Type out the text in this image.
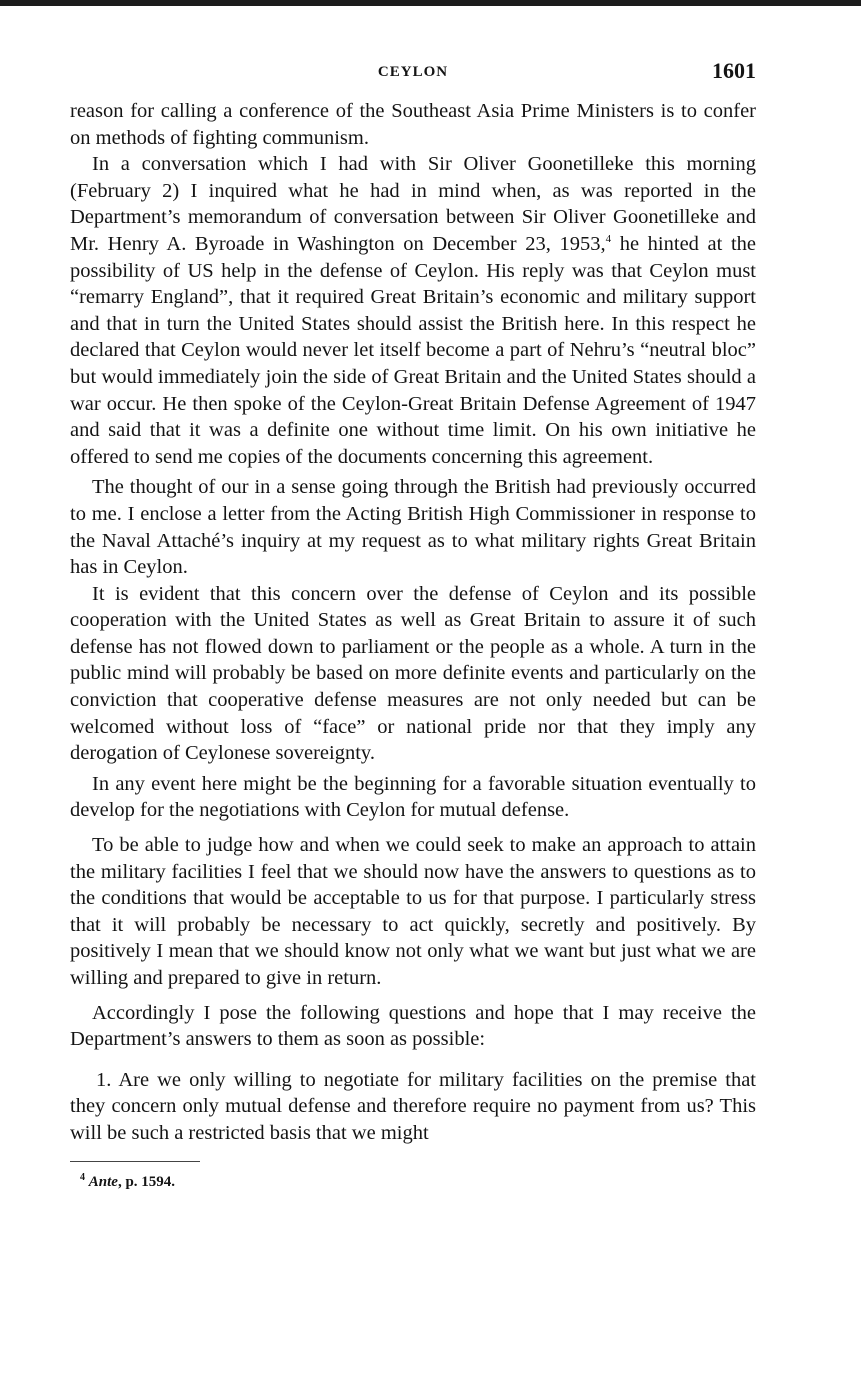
CEYLON	1601

reason for calling a conference of the Southeast Asia Prime Ministers is to confer on methods of fighting communism.

In a conversation which I had with Sir Oliver Goonetilleke this morning (February 2) I inquired what he had in mind when, as was reported in the Department’s memorandum of conversation between Sir Oliver Goonetilleke and Mr. Henry A. Byroade in Washington on December 23, 1953,$^4$ he hinted at the possibility of US help in the defense of Ceylon. His reply was that Ceylon must “remarry England”, that it required Great Britain’s economic and military support and that in turn the United States should assist the British here. In this respect he declared that Ceylon would never let itself become a part of Nehru’s “neutral bloc” but would immediately join the side of Great Britain and the United States should a war occur. He then spoke of the Ceylon-Great Britain Defense Agreement of 1947 and said that it was a definite one without time limit. On his own initiative he offered to send me copies of the documents concerning this agreement.

The thought of our in a sense going through the British had previously occurred to me. I enclose a letter from the Acting British High Commissioner in response to the Naval Attaché’s inquiry at my request as to what military rights Great Britain has in Ceylon.

It is evident that this concern over the defense of Ceylon and its possible cooperation with the United States as well as Great Britain to assure it of such defense has not flowed down to parliament or the people as a whole. A turn in the public mind will probably be based on more definite events and particularly on the conviction that cooperative defense measures are not only needed but can be welcomed without loss of “face” or national pride nor that they imply any derogation of Ceylonese sovereignty.

In any event here might be the beginning for a favorable situation eventually to develop for the negotiations with Ceylon for mutual defense.

To be able to judge how and when we could seek to make an approach to attain the military facilities I feel that we should now have the answers to questions as to the conditions that would be acceptable to us for that purpose. I particularly stress that it will probably be necessary to act quickly, secretly and positively. By positively I mean that we should know not only what we want but just what we are willing and prepared to give in return.

Accordingly I pose the following questions and hope that I may receive the Department’s answers to them as soon as possible:

1. Are we only willing to negotiate for military facilities on the premise that they concern only mutual defense and therefore require no payment from us? This will be such a restricted basis that we might

$^4$ Ante, p. 1594.
